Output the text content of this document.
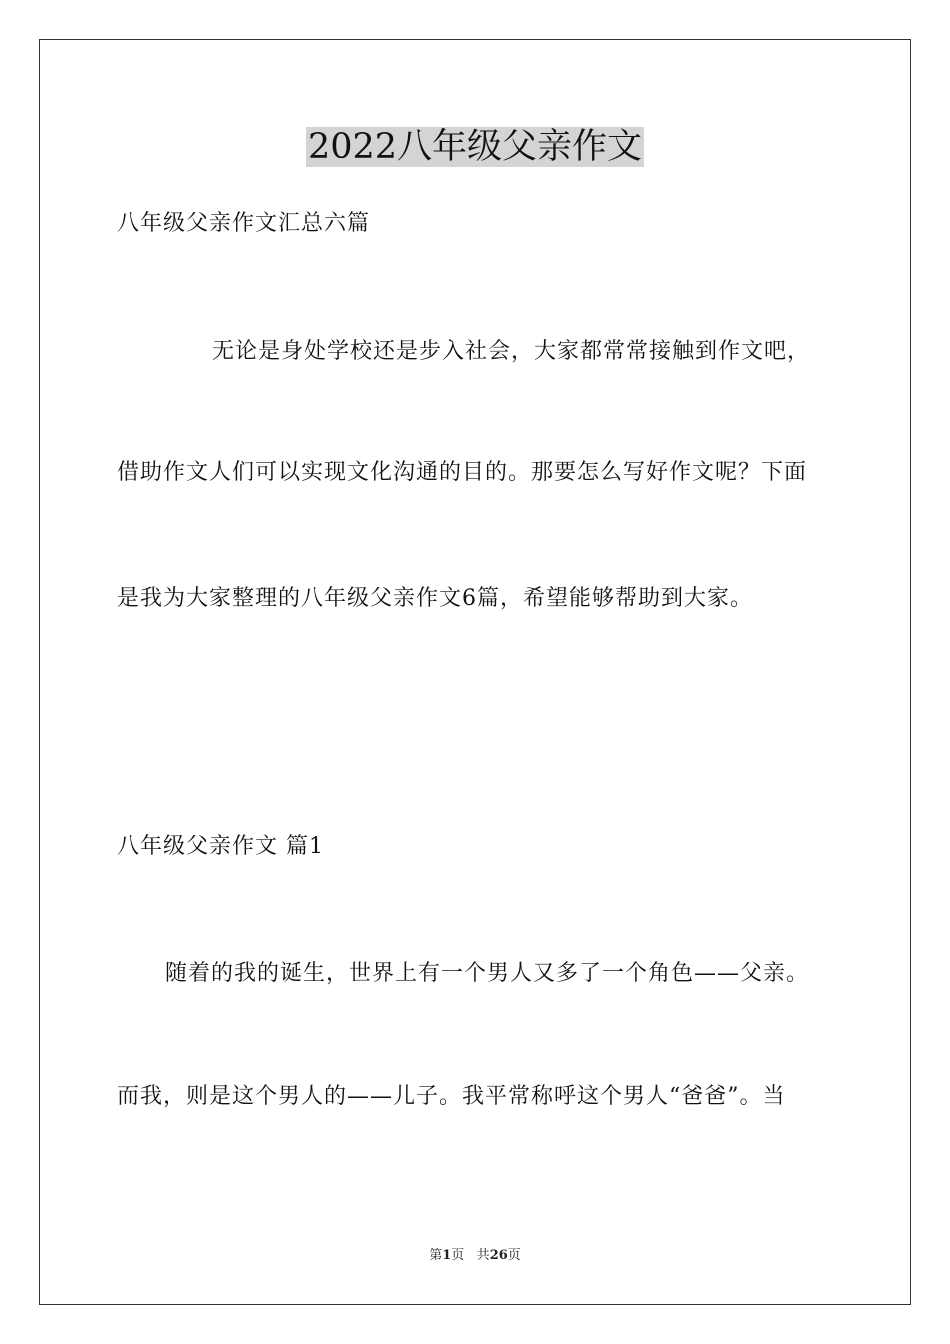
2022八年级父亲作文
八年级父亲作文汇总六篇
无论是身处学校还是步入社会，大家都常常接触到作文吧，
借助作文人们可以实现文化沟通的目的。那要怎么写好作文呢？下面
是我为大家整理的八年级父亲作文6篇，希望能够帮助到大家。
八年级父亲作文 篇1
随着的我的诞生，世界上有一个男人又多了一个角色——父亲。
而我，则是这个男人的——儿子。我平常称呼这个男人“爸爸”。当
第1页 共26页
